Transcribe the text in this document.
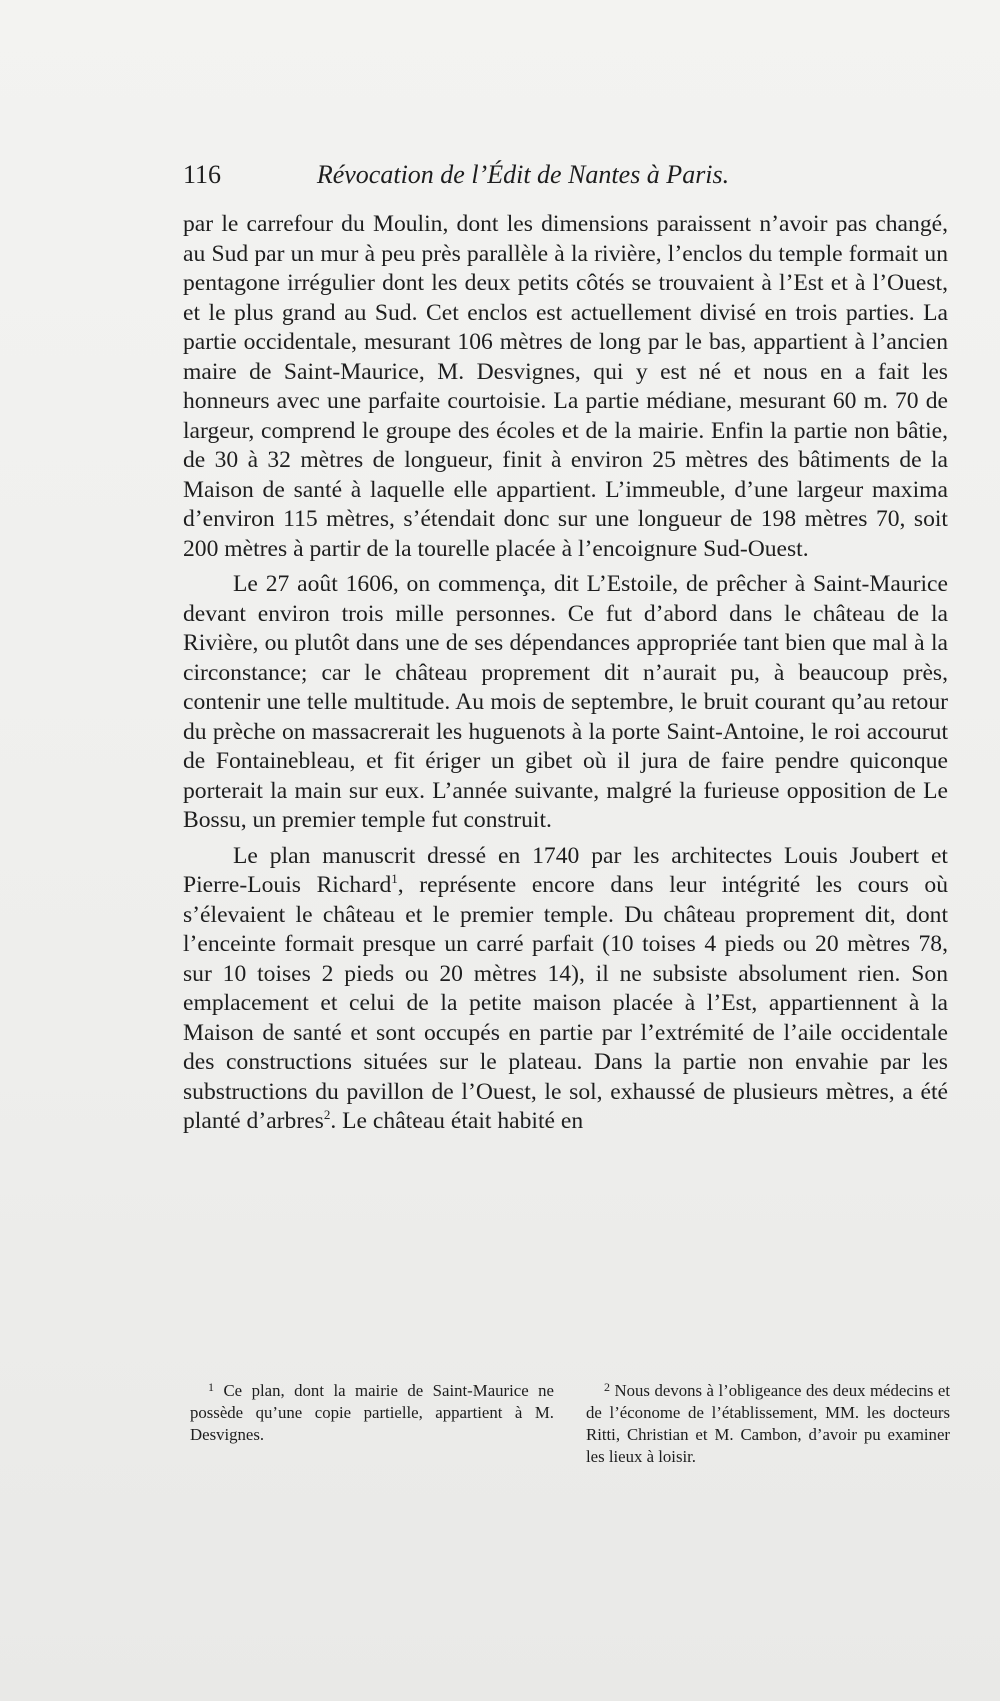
116	Révocation de l’Édit de Nantes à Paris.

par le carrefour du Moulin, dont les dimensions paraissent n’avoir pas changé, au Sud par un mur à peu près parallèle à la rivière, l’enclos du temple formait un pentagone irrégulier dont les deux petits côtés se trouvaient à l’Est et à l’Ouest, et le plus grand au Sud. Cet enclos est actuellement divisé en trois parties. La partie occidentale, mesurant 106 mètres de long par le bas, appartient à l’ancien maire de Saint-Maurice, M. Desvignes, qui y est né et nous en a fait les honneurs avec une parfaite courtoisie. La partie médiane, mesurant 60 m. 70 de largeur, comprend le groupe des écoles et de la mairie. Enfin la partie non bâtie, de 30 à 32 mètres de longueur, finit à environ 25 mètres des bâtiments de la Maison de santé à laquelle elle appartient. L’immeuble, d’une largeur maxima d’environ 115 mètres, s’étendait donc sur une longueur de 198 mètres 70, soit 200 mètres à partir de la tourelle placée à l’encoignure Sud-Ouest.

Le 27 août 1606, on commença, dit L’Estoile, de prêcher à Saint-Maurice devant environ trois mille personnes. Ce fut d’abord dans le château de la Rivière, ou plutôt dans une de ses dépendances appropriée tant bien que mal à la circonstance; car le château proprement dit n’aurait pu, à beaucoup près, contenir une telle multitude. Au mois de septembre, le bruit courant qu’au retour du prèche on massacrerait les huguenots à la porte Saint-Antoine, le roi accourut de Fontainebleau, et fit ériger un gibet où il jura de faire pendre quiconque porterait la main sur eux. L’année suivante, malgré la furieuse opposition de Le Bossu, un premier temple fut construit.

Le plan manuscrit dressé en 1740 par les architectes Louis Joubert et Pierre-Louis Richard$^1$, représente encore dans leur intégrité les cours où s’élevaient le château et le premier temple. Du château proprement dit, dont l’enceinte formait presque un carré parfait (10 toises 4 pieds ou 20 mètres 78, sur 10 toises 2 pieds ou 20 mètres 14), il ne subsiste absolument rien. Son emplacement et celui de la petite maison placée à l’Est, appartiennent à la Maison de santé et sont occupés en partie par l’extrémité de l’aile occidentale des constructions situées sur le plateau. Dans la partie non envahie par les substructions du pavillon de l’Ouest, le sol, exhaussé de plusieurs mètres, a été planté d’arbres$^2$. Le château était habité en

$^1$ Ce plan, dont la mairie de Saint-Maurice ne possède qu’une copie partielle, appartient à M. Desvignes.

$^2$ Nous devons à l’obligeance des deux médecins et de l’économe de l’établissement, MM. les docteurs Ritti, Christian et M. Cambon, d’avoir pu examiner les lieux à loisir.
